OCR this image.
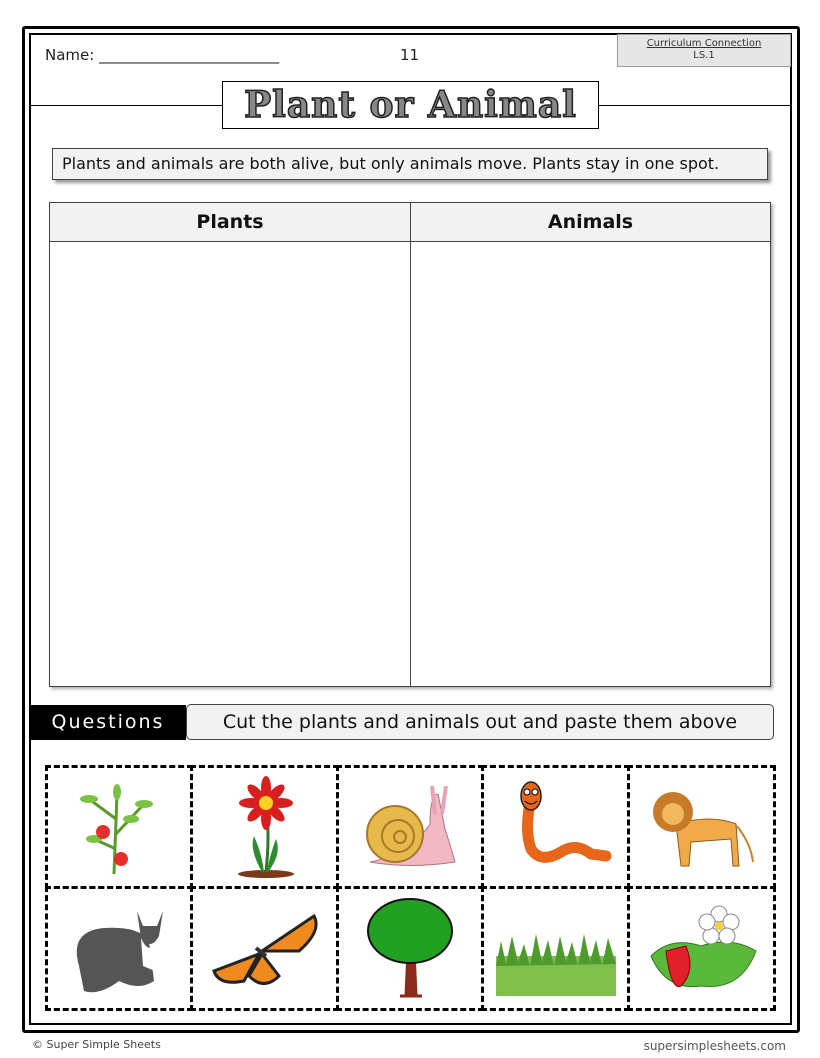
Name: ________________________	11
Curriculum Connection
LS.1
Plant or Animal
Plants and animals are both alive, but only animals move. Plants stay in one spot.
Plants	Animals
Questions	Cut the plants and animals out and paste them above
© Super Simple Sheets	supersimplesheets.com
